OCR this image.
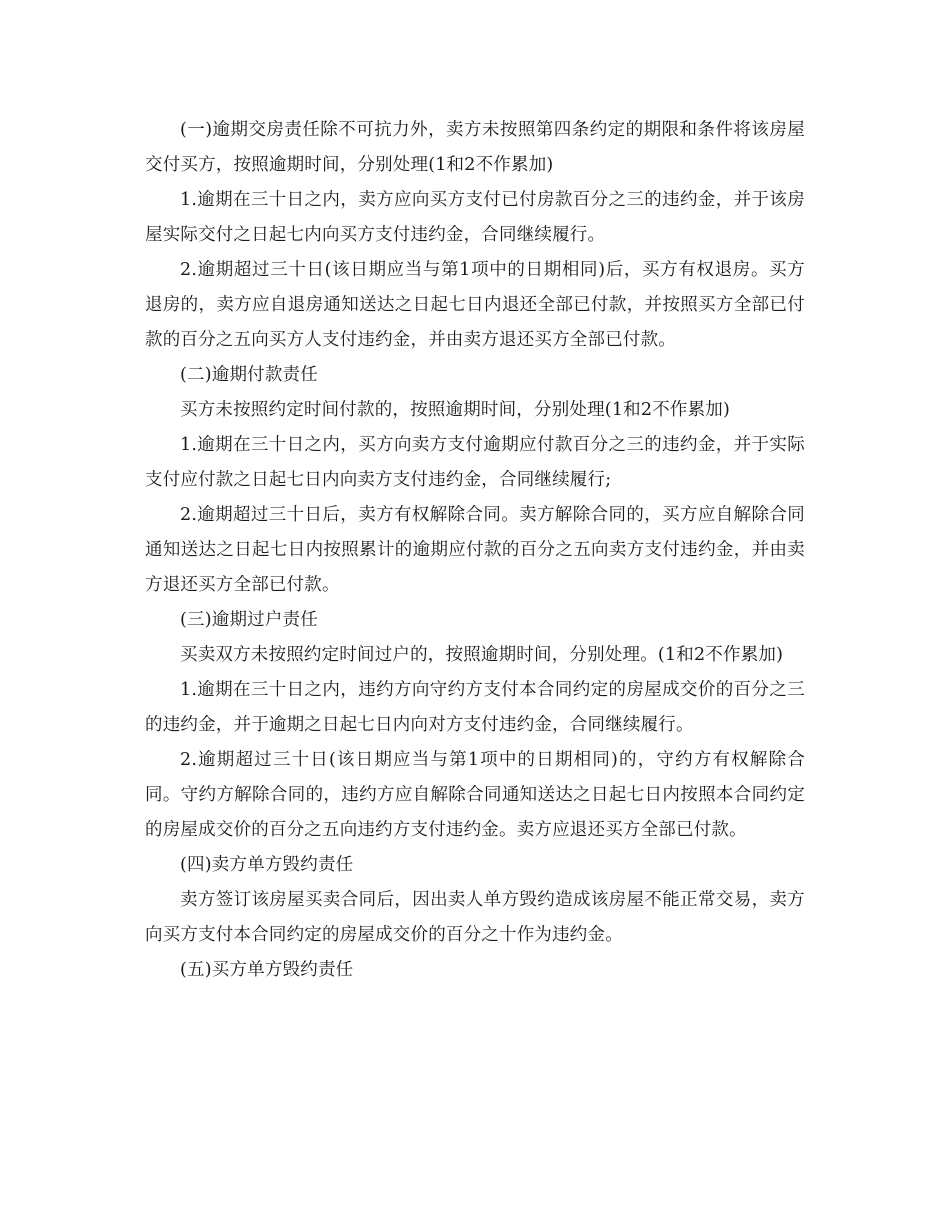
(一)逾期交房责任除不可抗力外，卖方未按照第四条约定的期限和条件将该房屋交付买方，按照逾期时间，分别处理(1和2不作累加)

1.逾期在三十日之内，卖方应向买方支付已付房款百分之三的违约金，并于该房屋实际交付之日起七内向买方支付违约金，合同继续履行。

2.逾期超过三十日(该日期应当与第1项中的日期相同)后，买方有权退房。买方退房的，卖方应自退房通知送达之日起七日内退还全部已付款，并按照买方全部已付款的百分之五向买方人支付违约金，并由卖方退还买方全部已付款。

(二)逾期付款责任

买方未按照约定时间付款的，按照逾期时间，分别处理(1和2不作累加)

1.逾期在三十日之内，买方向卖方支付逾期应付款百分之三的违约金，并于实际支付应付款之日起七日内向卖方支付违约金，合同继续履行;

2.逾期超过三十日后，卖方有权解除合同。卖方解除合同的，买方应自解除合同通知送达之日起七日内按照累计的逾期应付款的百分之五向卖方支付违约金，并由卖方退还买方全部已付款。

(三)逾期过户责任

买卖双方未按照约定时间过户的，按照逾期时间，分别处理。(1和2不作累加)

1.逾期在三十日之内，违约方向守约方支付本合同约定的房屋成交价的百分之三的违约金，并于逾期之日起七日内向对方支付违约金，合同继续履行。

2.逾期超过三十日(该日期应当与第1项中的日期相同)的，守约方有权解除合同。守约方解除合同的，违约方应自解除合同通知送达之日起七日内按照本合同约定的房屋成交价的百分之五向违约方支付违约金。卖方应退还买方全部已付款。

(四)卖方单方毁约责任

卖方签订该房屋买卖合同后，因出卖人单方毁约造成该房屋不能正常交易，卖方向买方支付本合同约定的房屋成交价的百分之十作为违约金。

(五)买方单方毁约责任
